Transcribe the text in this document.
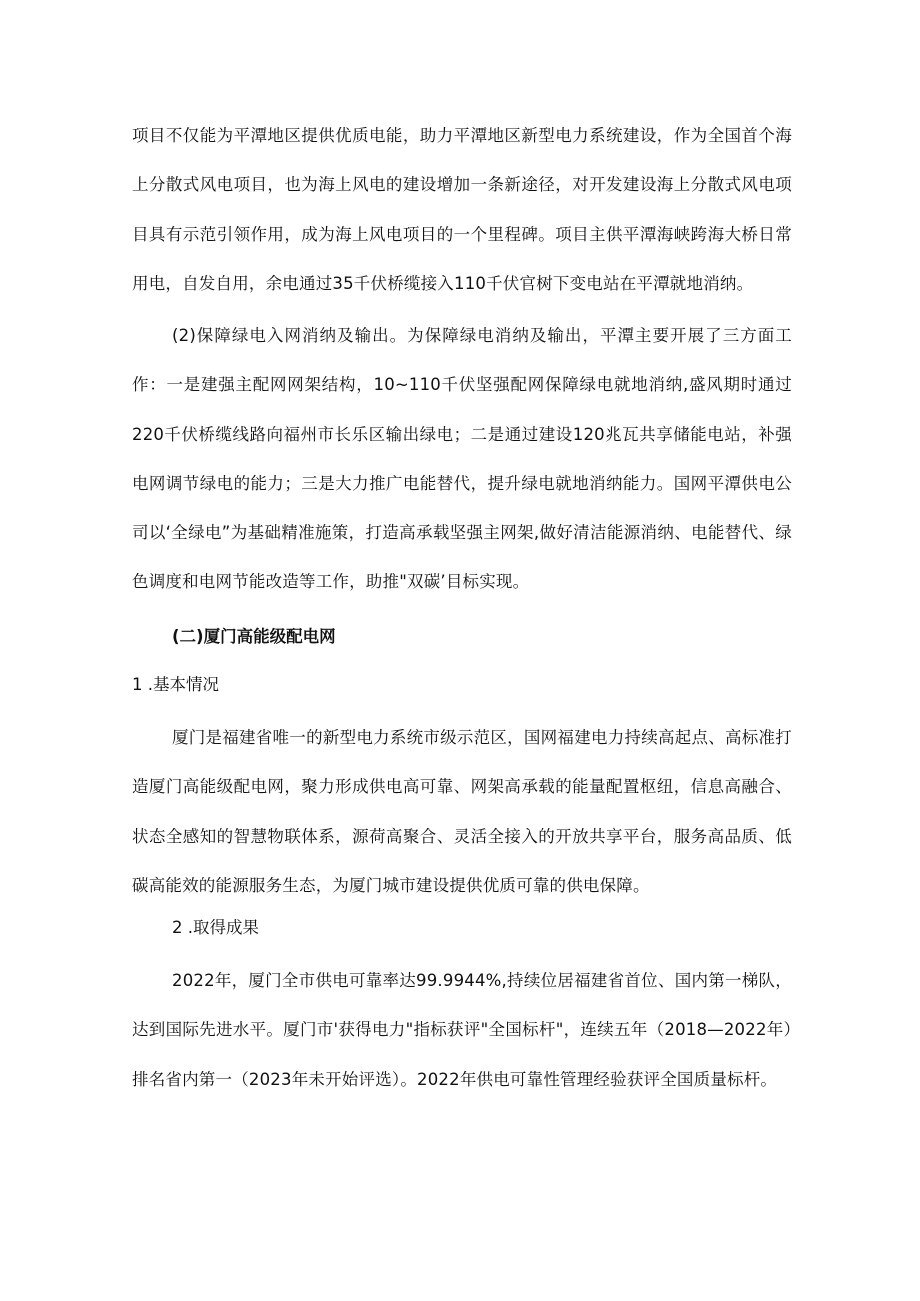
项目不仅能为平潭地区提供优质电能，助力平潭地区新型电力系统建设，作为全国首个海上分散式风电项目，也为海上风电的建设增加一条新途径，对开发建设海上分散式风电项目具有示范引领作用，成为海上风电项目的一个里程碑。项目主供平潭海峡跨海大桥日常用电，自发自用，余电通过35千伏桥缆接入110千伏官树下变电站在平潭就地消纳。

(2)保障绿电入网消纳及输出。为保障绿电消纳及输出，平潭主要开展了三方面工作：一是建强主配网网架结构，10~110千伏坚强配网保障绿电就地消纳,盛风期时通过220千伏桥缆线路向福州市长乐区输出绿电；二是通过建设120兆瓦共享储能电站，补强电网调节绿电的能力；三是大力推广电能替代，提升绿电就地消纳能力。国网平潭供电公司以‘全绿电”为基础精准施策，打造高承载坚强主网架,做好清洁能源消纳、电能替代、绿色调度和电网节能改造等工作，助推"双碳’目标实现。

(二)厦门高能级配电网

1 .基本情况

厦门是福建省唯一的新型电力系统市级示范区，国网福建电力持续高起点、高标准打造厦门高能级配电网，聚力形成供电高可靠、网架高承载的能量配置枢纽，信息高融合、状态全感知的智慧物联体系，源荷高聚合、灵活全接入的开放共享平台，服务高品质、低碳高能效的能源服务生态，为厦门城市建设提供优质可靠的供电保障。

2 .取得成果

2022年，厦门全市供电可靠率达99.9944%,持续位居福建省首位、国内第一梯队，达到国际先进水平。厦门市'获得电力"指标获评"全国标杆"，连续五年（2018—2022年）排名省内第一（2023年未开始评选）。2022年供电可靠性管理经验获评全国质量标杆。
